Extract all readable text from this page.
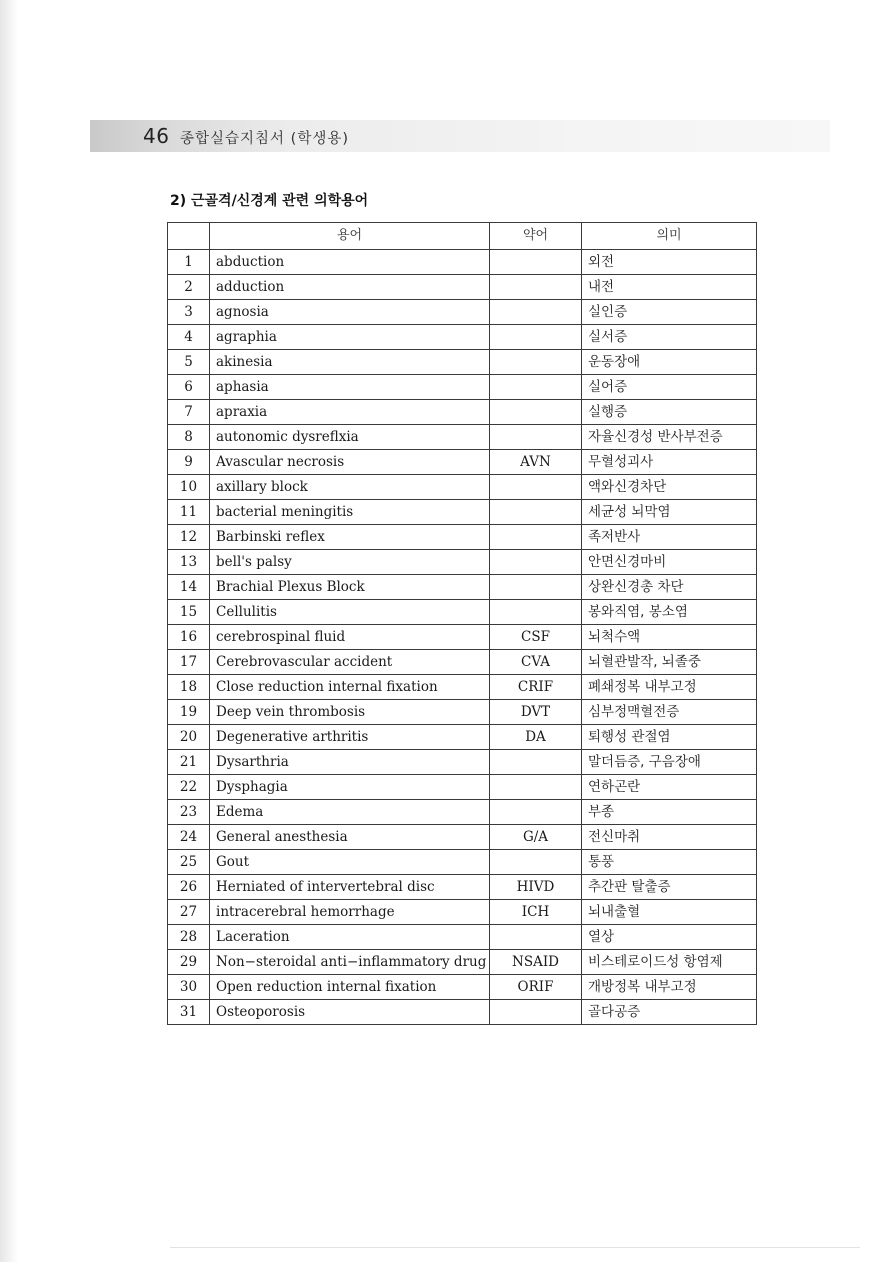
46 종합실습지침서 (학생용)
2) 근골격/신경계 관련 의학용어
	용어	약어	의미
1	abduction		외전
2	adduction		내전
3	agnosia		실인증
4	agraphia		실서증
5	akinesia		운동장애
6	aphasia		실어증
7	apraxia		실행증
8	autonomic dysreflxia		자율신경성 반사부전증
9	Avascular necrosis	AVN	무혈성괴사
10	axillary block		액와신경차단
11	bacterial meningitis		세균성 뇌막염
12	Barbinski reflex		족저반사
13	bell's palsy		안면신경마비
14	Brachial Plexus Block		상완신경총 차단
15	Cellulitis		봉와직염, 봉소염
16	cerebrospinal fluid	CSF	뇌척수액
17	Cerebrovascular accident	CVA	뇌혈관발작, 뇌졸중
18	Close reduction internal fixation	CRIF	폐쇄정복 내부고정
19	Deep vein thrombosis	DVT	심부정맥혈전증
20	Degenerative arthritis	DA	퇴행성 관절염
21	Dysarthria		말더듬증, 구음장애
22	Dysphagia		연하곤란
23	Edema		부종
24	General anesthesia	G/A	전신마취
25	Gout		통풍
26	Herniated of intervertebral disc	HIVD	추간판 탈출증
27	intracerebral hemorrhage	ICH	뇌내출혈
28	Laceration		열상
29	Non−steroidal anti−inflammatory drug	NSAID	비스테로이드성 항염제
30	Open reduction internal fixation	ORIF	개방정복 내부고정
31	Osteoporosis		골다공증
